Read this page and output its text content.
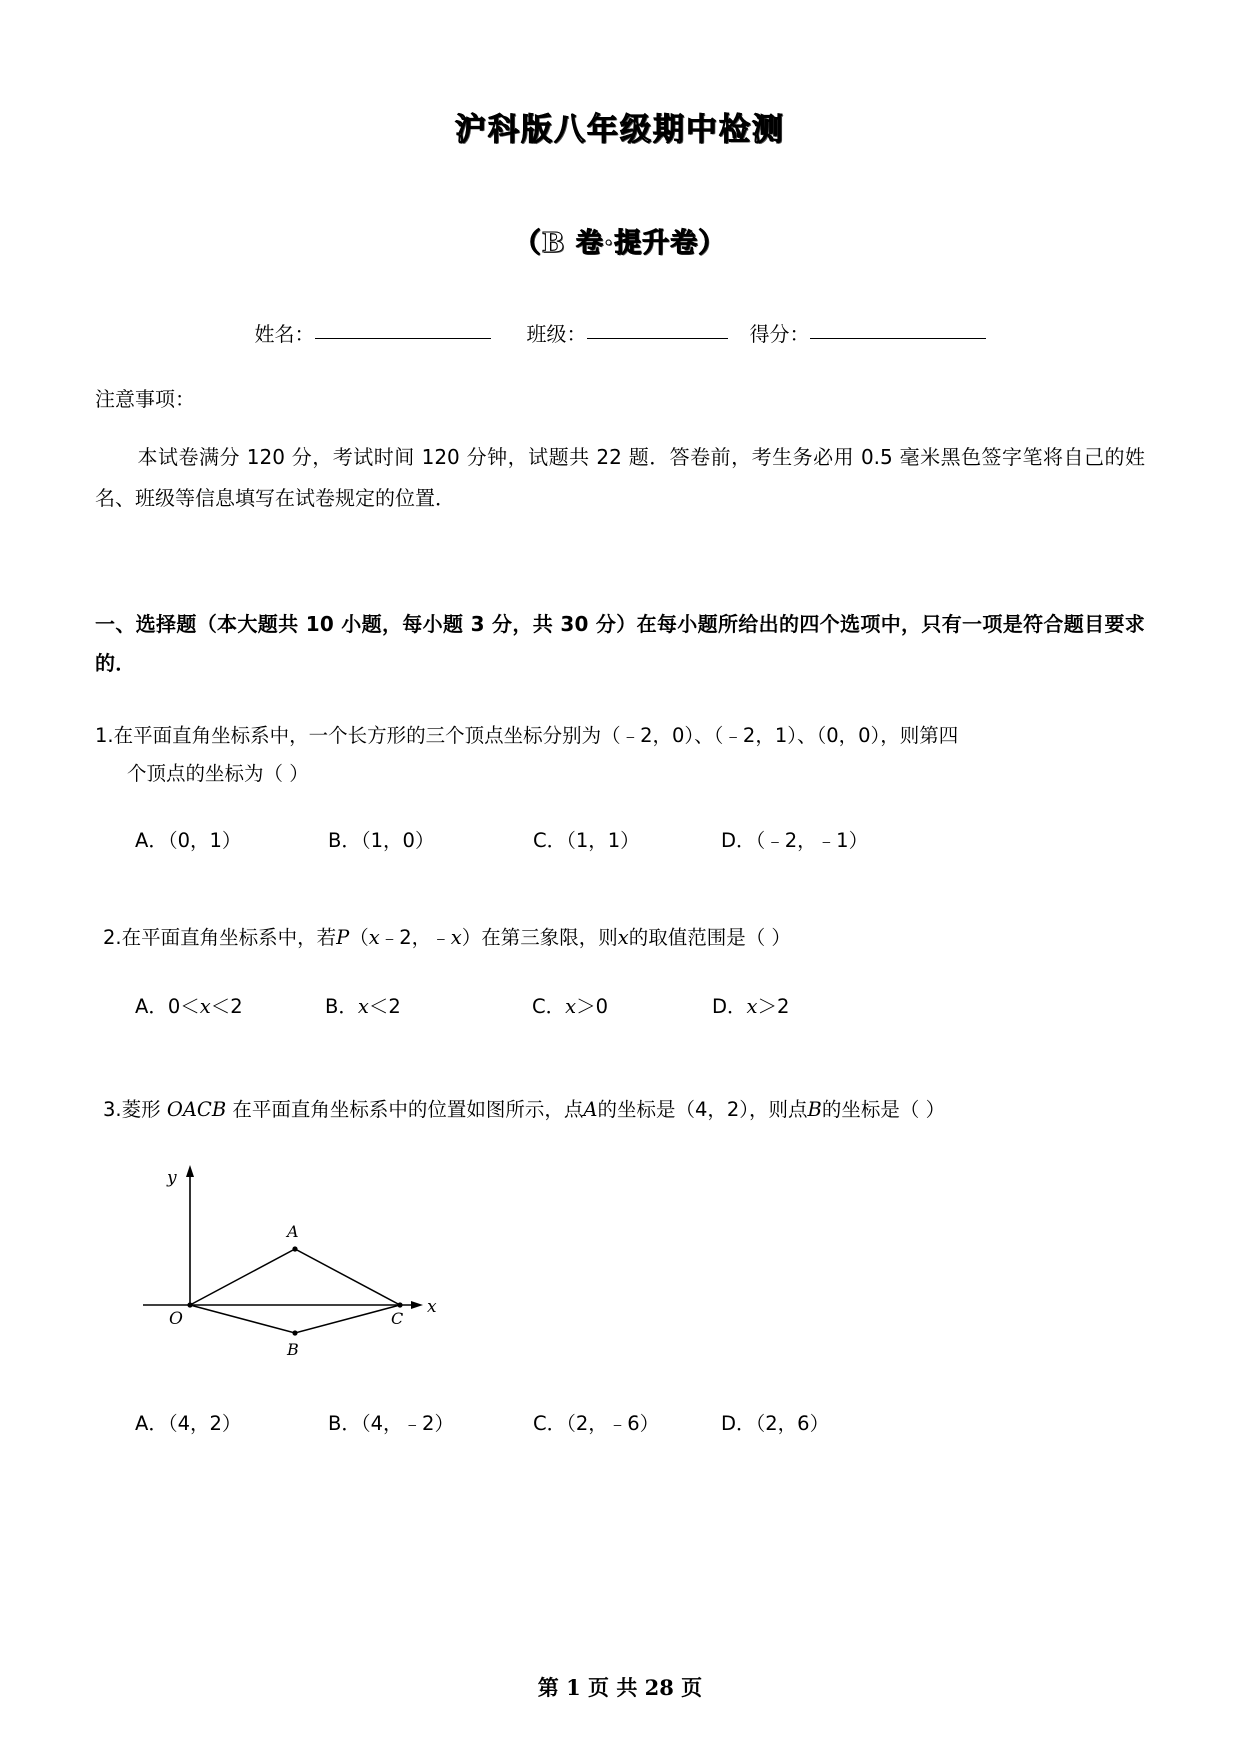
沪科版八年级期中检测
（B 卷·提升卷）
姓名：	班级：	得分：
注意事项：
本试卷满分 120 分，考试时间 120 分钟，试题共 22 题．答卷前，考生务必用 0.5 毫米黑色签字笔将自己的姓名、班级等信息填写在试卷规定的位置．
一、选择题（本大题共 10 小题，每小题 3 分，共 30 分）在每小题所给出的四个选项中，只有一项是符合题目要求的．
1.在平面直角坐标系中，一个长方形的三个顶点坐标分别为（﹣2，0）、（﹣2，1）、（0，0），则第四
个顶点的坐标为（ ）
A．（0，1）	B．（1，0）	C．（1，1）	D．（﹣2，﹣1）
2.在平面直角坐标系中，若P（x﹣2，﹣x）在第三象限，则x的取值范围是（ ）
A．0＜x＜2	B．x＜2	C．x＞0	D．x＞2
3.菱形 OACB 在平面直角坐标系中的位置如图所示，点A的坐标是（4，2），则点B的坐标是（ ）
y
x
O
A
B
C
A．（4，2）	B．（4，﹣2）	C．（2，﹣6）	D．（2，6）
第 1 页 共 28 页
